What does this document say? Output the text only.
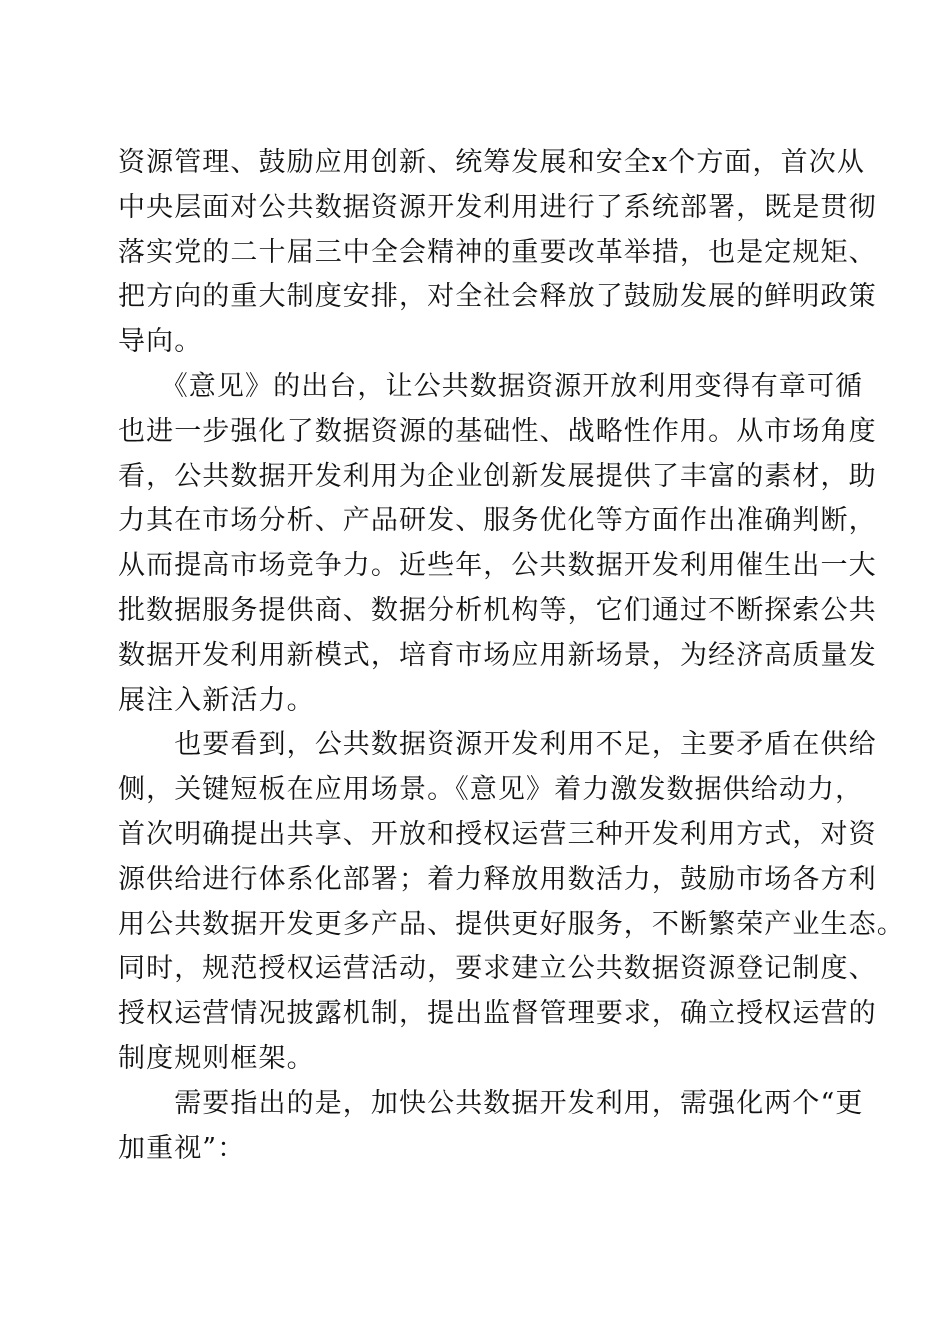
资源管理、鼓励应用创新、统筹发展和安全x个方面，首次从
中央层面对公共数据资源开发利用进行了系统部署，既是贯彻
落实党的二十届三中全会精神的重要改革举措，也是定规矩、
把方向的重大制度安排，对全社会释放了鼓励发展的鲜明政策
导向。
　　《意见》的出台，让公共数据资源开放利用变得有章可循
也进一步强化了数据资源的基础性、战略性作用。从市场角度
看，公共数据开发利用为企业创新发展提供了丰富的素材，助
力其在市场分析、产品研发、服务优化等方面作出准确判断，
从而提高市场竞争力。近些年，公共数据开发利用催生出一大
批数据服务提供商、数据分析机构等，它们通过不断探索公共
数据开发利用新模式，培育市场应用新场景，为经济高质量发
展注入新活力。
　　也要看到，公共数据资源开发利用不足，主要矛盾在供给
侧，关键短板在应用场景。《意见》着力激发数据供给动力，
首次明确提出共享、开放和授权运营三种开发利用方式，对资
源供给进行体系化部署；着力释放用数活力，鼓励市场各方利
用公共数据开发更多产品、提供更好服务，不断繁荣产业生态。
同时，规范授权运营活动，要求建立公共数据资源登记制度、
授权运营情况披露机制，提出监督管理要求，确立授权运营的
制度规则框架。
　　需要指出的是，加快公共数据开发利用，需强化两个“更
加重视”：
